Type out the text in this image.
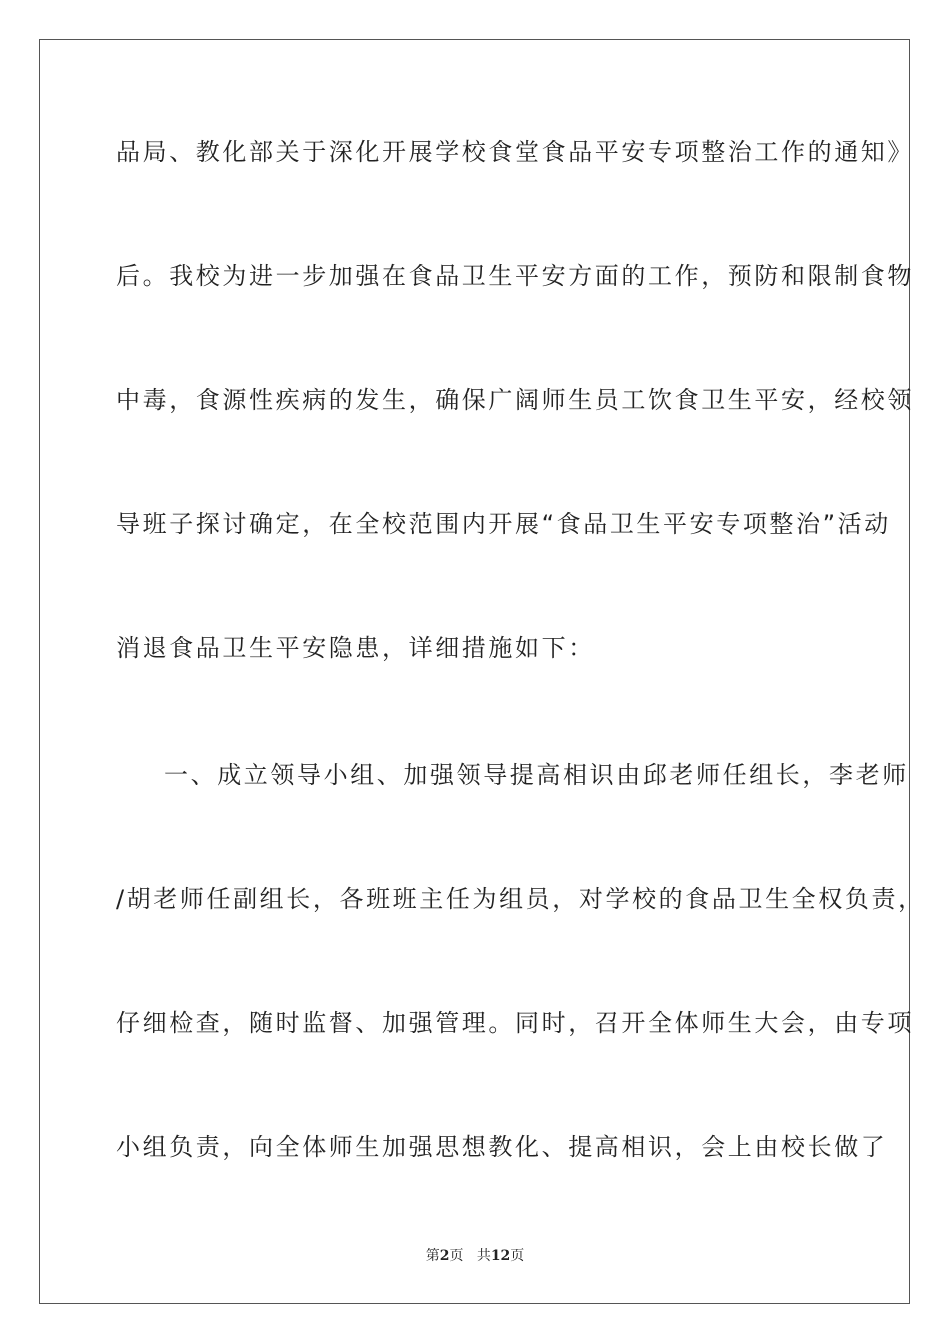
品局、教化部关于深化开展学校食堂食品平安专项整治工作的通知》
后。我校为进一步加强在食品卫生平安方面的工作，预防和限制食物
中毒，食源性疾病的发生，确保广阔师生员工饮食卫生平安，经校领
导班子探讨确定，在全校范围内开展“食品卫生平安专项整治”活动
消退食品卫生平安隐患，详细措施如下：
一、成立领导小组、加强领导提高相识由邱老师任组长，李老师
/胡老师任副组长，各班班主任为组员，对学校的食品卫生全权负责，
仔细检查，随时监督、加强管理。同时，召开全体师生大会，由专项
小组负责，向全体师生加强思想教化、提高相识，会上由校长做了
第2页 共12页
